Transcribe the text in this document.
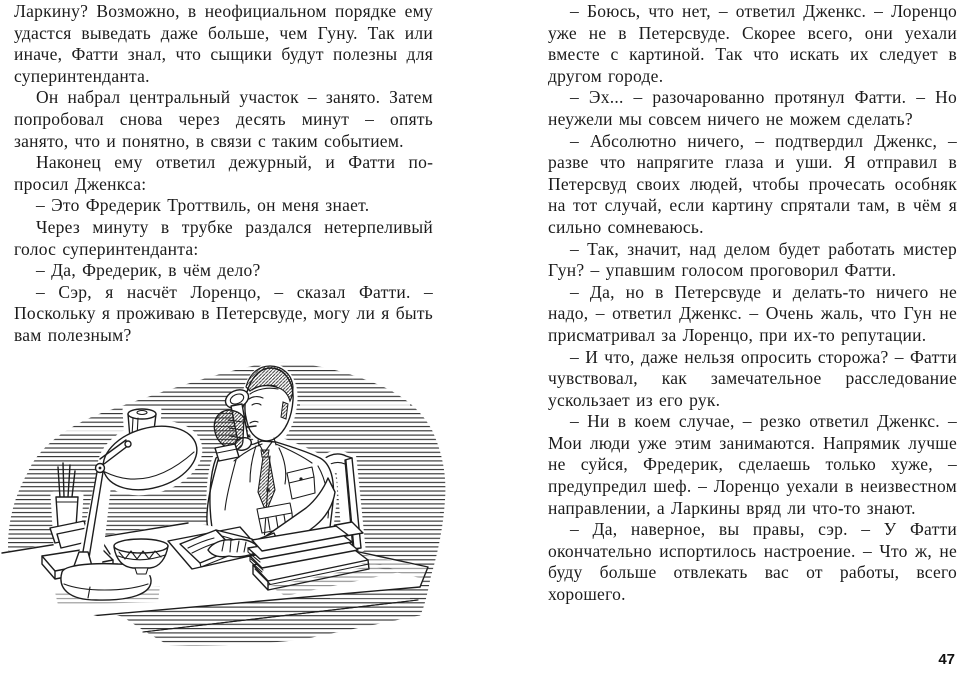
Ларкину? Возможно, в неофициальном порядке ему удастся выведать даже больше, чем Гуну. Так или иначе, Фатти знал, что сыщики будут полезны для суперинтенданта.

Он набрал центральный участок – занято. Затем попробовал снова через десять минут – опять занято, что и понятно, в связи с таким событием.

Наконец ему ответил дежурный, и Фатти попросил Дженкса:

– Это Фредерик Троттвиль, он меня знает.

Через минуту в трубке раздался нетерпеливый голос суперинтенданта:

– Да, Фредерик, в чём дело?

– Сэр, я насчёт Лоренцо, – сказал Фатти. – Поскольку я проживаю в Петерсвуде, могу ли я быть вам полезным?

– Боюсь, что нет, – ответил Дженкс. – Лоренцо уже не в Петерсвуде. Скорее всего, они уехали вместе с картиной. Так что искать их следует в другом городе.

– Эх... – разочарованно протянул Фатти. – Но неужели мы совсем ничего не можем сделать?

– Абсолютно ничего, – подтвердил Дженкс, – разве что напрягите глаза и уши. Я отправил в Петерсвуд своих людей, чтобы прочесать особняк на тот случай, если картину спрятали там, в чём я сильно сомневаюсь.

– Так, значит, над делом будет работать мистер Гун? – упавшим голосом проговорил Фатти.

– Да, но в Петерсвуде и делать-то ничего не надо, – ответил Дженкс. – Очень жаль, что Гун не присматривал за Лоренцо, при их-то репутации.

– И что, даже нельзя опросить сторожа? – Фатти чувствовал, как замечательное расследование ускользает из его рук.

– Ни в коем случае, – резко ответил Дженкс. – Мои люди уже этим занимаются. Напрямик лучше не суйся, Фредерик, сделаешь только хуже, – предупредил шеф. – Лоренцо уехали в неизвестном направлении, а Ларкины вряд ли что-то знают.

– Да, наверное, вы правы, сэр. – У Фатти окончательно испортилось настроение. – Что ж, не буду больше отвлекать вас от работы, всего хорошего.

47
